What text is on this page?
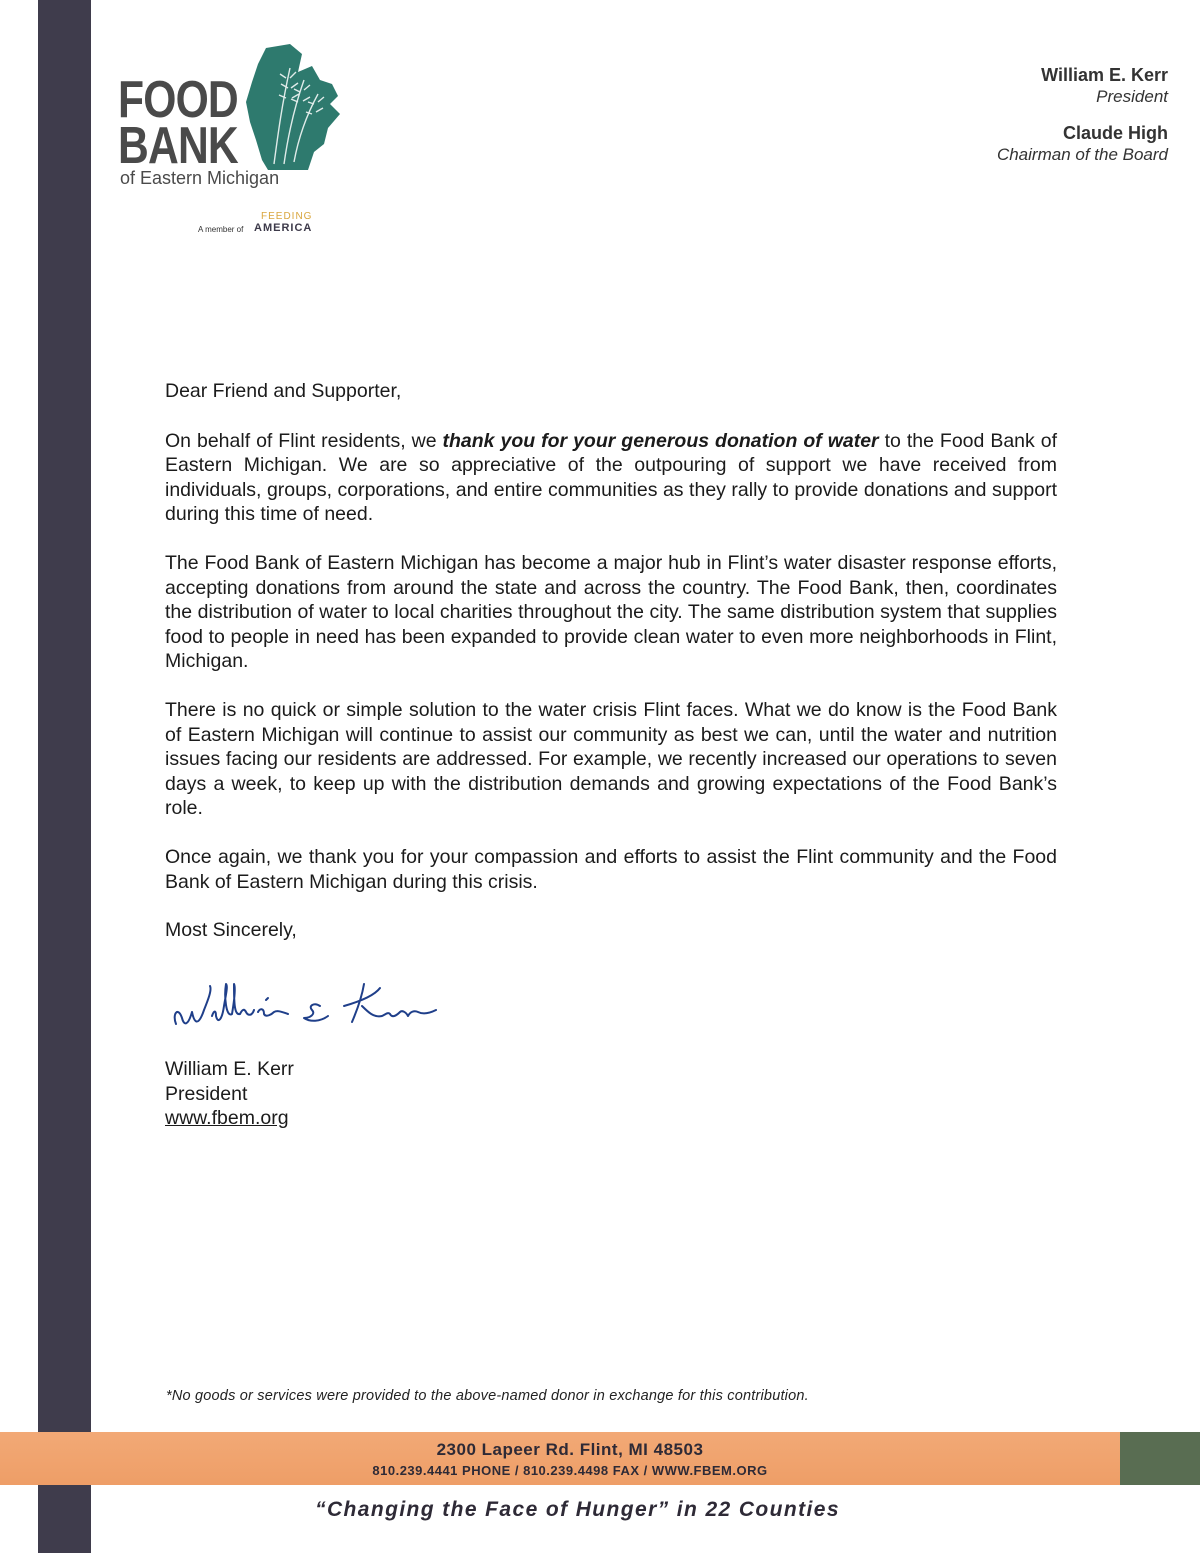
FOOD
BANK
of Eastern Michigan
A member of
FEEDING
AMERICA
William E. Kerr
President
Claude High
Chairman of the Board

Dear Friend and Supporter,

On behalf of Flint residents, we thank you for your generous donation of water to the Food Bank of Eastern Michigan. We are so appreciative of the outpouring of support we have received from individuals, groups, corporations, and entire communities as they rally to provide donations and support during this time of need.

The Food Bank of Eastern Michigan has become a major hub in Flint’s water disaster response efforts, accepting donations from around the state and across the country. The Food Bank, then, coordinates the distribution of water to local charities throughout the city. The same distribution system that supplies food to people in need has been expanded to provide clean water to even more neighborhoods in Flint, Michigan.

There is no quick or simple solution to the water crisis Flint faces. What we do know is the Food Bank of Eastern Michigan will continue to assist our community as best we can, until the water and nutrition issues facing our residents are addressed. For example, we recently increased our operations to seven days a week, to keep up with the distribution demands and growing expectations of the Food Bank’s role.

Once again, we thank you for your compassion and efforts to assist the Flint community and the Food Bank of Eastern Michigan during this crisis.

Most Sincerely,

William E. Kerr
President
www.fbem.org
*No goods or services were provided to the above-named donor in exchange for this contribution.
2300 Lapeer Rd. Flint, MI 48503
810.239.4441 PHONE / 810.239.4498 FAX / WWW.FBEM.ORG
“Changing the Face of Hunger” in 22 Counties
